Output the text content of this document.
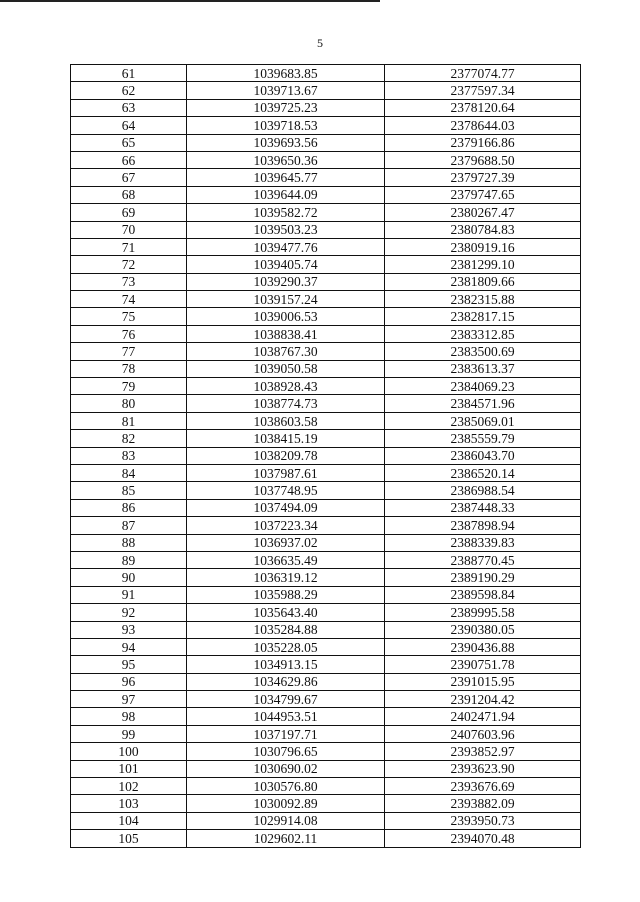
5
61	1039683.85	2377074.77
62	1039713.67	2377597.34
63	1039725.23	2378120.64
64	1039718.53	2378644.03
65	1039693.56	2379166.86
66	1039650.36	2379688.50
67	1039645.77	2379727.39
68	1039644.09	2379747.65
69	1039582.72	2380267.47
70	1039503.23	2380784.83
71	1039477.76	2380919.16
72	1039405.74	2381299.10
73	1039290.37	2381809.66
74	1039157.24	2382315.88
75	1039006.53	2382817.15
76	1038838.41	2383312.85
77	1038767.30	2383500.69
78	1039050.58	2383613.37
79	1038928.43	2384069.23
80	1038774.73	2384571.96
81	1038603.58	2385069.01
82	1038415.19	2385559.79
83	1038209.78	2386043.70
84	1037987.61	2386520.14
85	1037748.95	2386988.54
86	1037494.09	2387448.33
87	1037223.34	2387898.94
88	1036937.02	2388339.83
89	1036635.49	2388770.45
90	1036319.12	2389190.29
91	1035988.29	2389598.84
92	1035643.40	2389995.58
93	1035284.88	2390380.05
94	1035228.05	2390436.88
95	1034913.15	2390751.78
96	1034629.86	2391015.95
97	1034799.67	2391204.42
98	1044953.51	2402471.94
99	1037197.71	2407603.96
100	1030796.65	2393852.97
101	1030690.02	2393623.90
102	1030576.80	2393676.69
103	1030092.89	2393882.09
104	1029914.08	2393950.73
105	1029602.11	2394070.48
